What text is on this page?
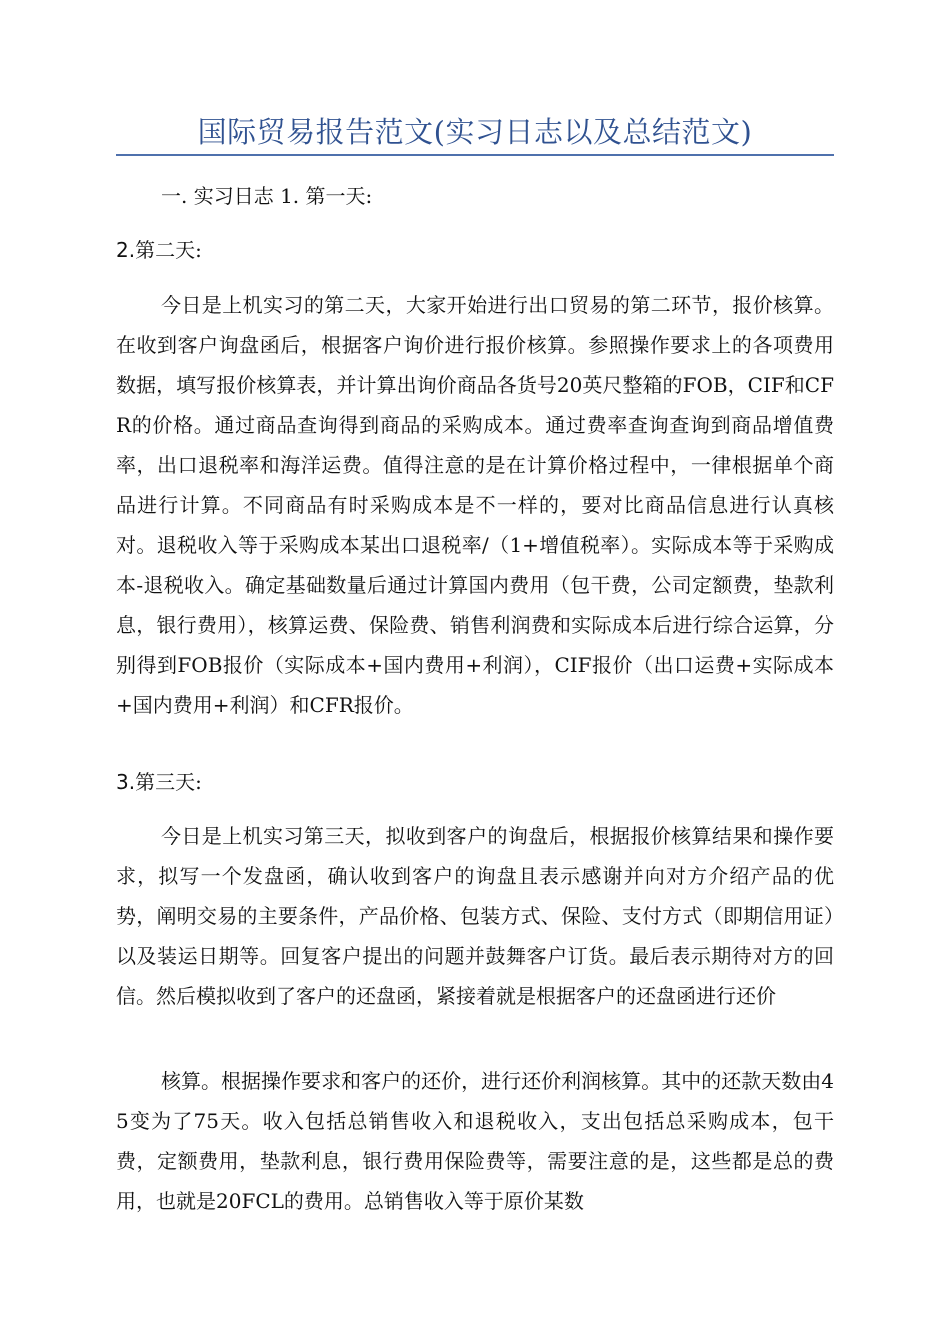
国际贸易报告范文(实习日志以及总结范文)

一. 实习日志 1. 第一天:

2.第二天:

今日是上机实习的第二天，大家开始进行出口贸易的第二环节，报价核算。在收到客户询盘函后，根据客户询价进行报价核算。参照操作要求上的各项费用数据，填写报价核算表，并计算出询价商品各货号20英尺整箱的FOB，CIF和CFR的价格。通过商品查询得到商品的采购成本。通过费率查询查询到商品增值费率，出口退税率和海洋运费。值得注意的是在计算价格过程中，一律根据单个商品进行计算。不同商品有时采购成本是不一样的，要对比商品信息进行认真核对。退税收入等于采购成本某出口退税率/（1+增值税率）。实际成本等于采购成本-退税收入。确定基础数量后通过计算国内费用（包干费，公司定额费，垫款利息，银行费用），核算运费、保险费、销售利润费和实际成本后进行综合运算，分别得到FOB报价（实际成本+国内费用+利润），CIF报价（出口运费+实际成本+国内费用+利润）和CFR报价。

3.第三天:

今日是上机实习第三天，拟收到客户的询盘后，根据报价核算结果和操作要求，拟写一个发盘函，确认收到客户的询盘且表示感谢并向对方介绍产品的优势，阐明交易的主要条件，产品价格、包装方式、保险、支付方式（即期信用证）以及装运日期等。回复客户提出的问题并鼓舞客户订货。最后表示期待对方的回信。然后模拟收到了客户的还盘函，紧接着就是根据客户的还盘函进行还价

核算。根据操作要求和客户的还价，进行还价利润核算。其中的还款天数由45变为了75天。收入包括总销售收入和退税收入，支出包括总采购成本，包干费，定额费用，垫款利息，银行费用保险费等，需要注意的是，这些都是总的费用，也就是20FCL的费用。总销售收入等于原价某数
